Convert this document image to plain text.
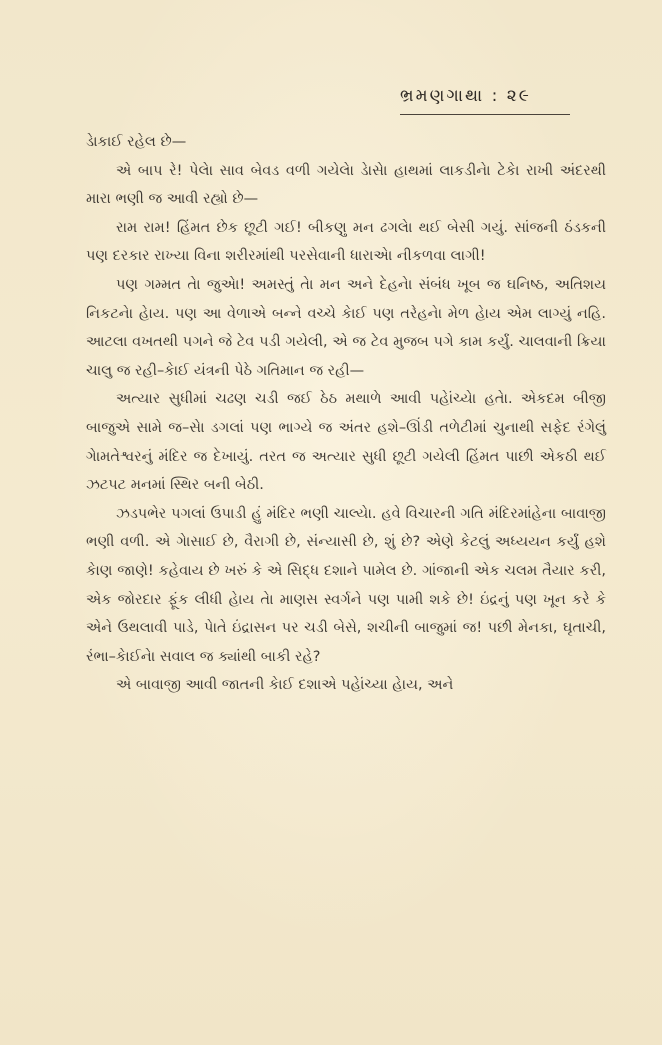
ભ્રમણગાથા : ૨૯

ડેાકાઈ રહેલ છે—

એ બાપ રે! પેલેા સાવ બેવડ વળી ગયેલેા ડેાસેા હાથમાં લાકડીનેા ટેકેા રાખી અંદરથી મારા ભણી જ આવી રહ્યો છે—

રામ રામ! હિંમત છેક છૂટી ગઈ! બીકણુ મન ઢગલેા થઈ બેસી ગયું. સાંજની ઠંડકની પણ દરકાર રાખ્યા વિના શરીરમાંથી પરસેવાની ધારાએા નીકળવા લાગી!

પણ ગમ્મત તેા જુએા! અમસ્તું તેા મન અને દેહનેા સંબંધ ખૂબ જ ઘનિષ્ઠ, અતિશય નિકટનેા હેાય. પણ આ વેળાએ બન્ને વચ્ચે કેાઈ પણ તરેહનેા મેળ હેાય એમ લાગ્યું નહિ. આટલા વખતથી પગને જે ટેવ પડી ગયેલી, એ જ ટેવ મુજબ પગે કામ કર્યું. ચાલવાની ક્રિયા ચાલુ જ રહી–કેાઈ યંત્રની પેઠે ગતિમાન જ રહી—

અત્યાર સુધીમાં ચઢણ ચડી જઈ ઠેઠ મથાળે આવી પહેાંચ્યેા હતેા. એકદમ બીજી બાજુએ સામે જ–સેા ડગલાં પણ ભાગ્યે જ અંતર હશે–ઊંડી તળેટીમાં ચુનાથી સફેદ રંગેલું ગેામતેશ્વરનું મંદિર જ દેખાયું. તરત જ અત્યાર સુધી છૂટી ગયેલી હિંમત પાછી એકઠી થઈ ઝટપટ મનમાં સ્થિર બની બેઠી.

ઝડપભેર પગલાં ઉપાડી હું મંદિર ભણી ચાલ્યેા. હવે વિચારની ગતિ મંદિરમાંહેના બાવાજી ભણી વળી. એ ગેાસાઈ છે, વૈરાગી છે, સંન્યાસી છે, શું છે? એણે કેટલું અધ્યયન કર્યું હશે કેાણ જાણે! કહેવાય છે ખરું કે એ સિદ્ધ દશાને પામેલ છે. ગાંજાની એક ચલમ તૈયાર કરી, એક જોરદાર ફૂંક લીધી હેાય તેા માણસ સ્વર્ગને પણ પામી શકે છે! ઇંદ્રનું પણ ખૂન કરે કે એને ઉથલાવી પાડે, પેાતે ઇંદ્રાસન પર ચડી બેસે, શચીની બાજુમાં જ! પછી મેનકા, ઘૃતાચી, રંભા–કેાઈનેા સવાલ જ ક્યાંથી બાકી રહે?

એ બાવાજી આવી જાતની કેાઈ દશાએ પહેાંચ્યા હેાય, અને
